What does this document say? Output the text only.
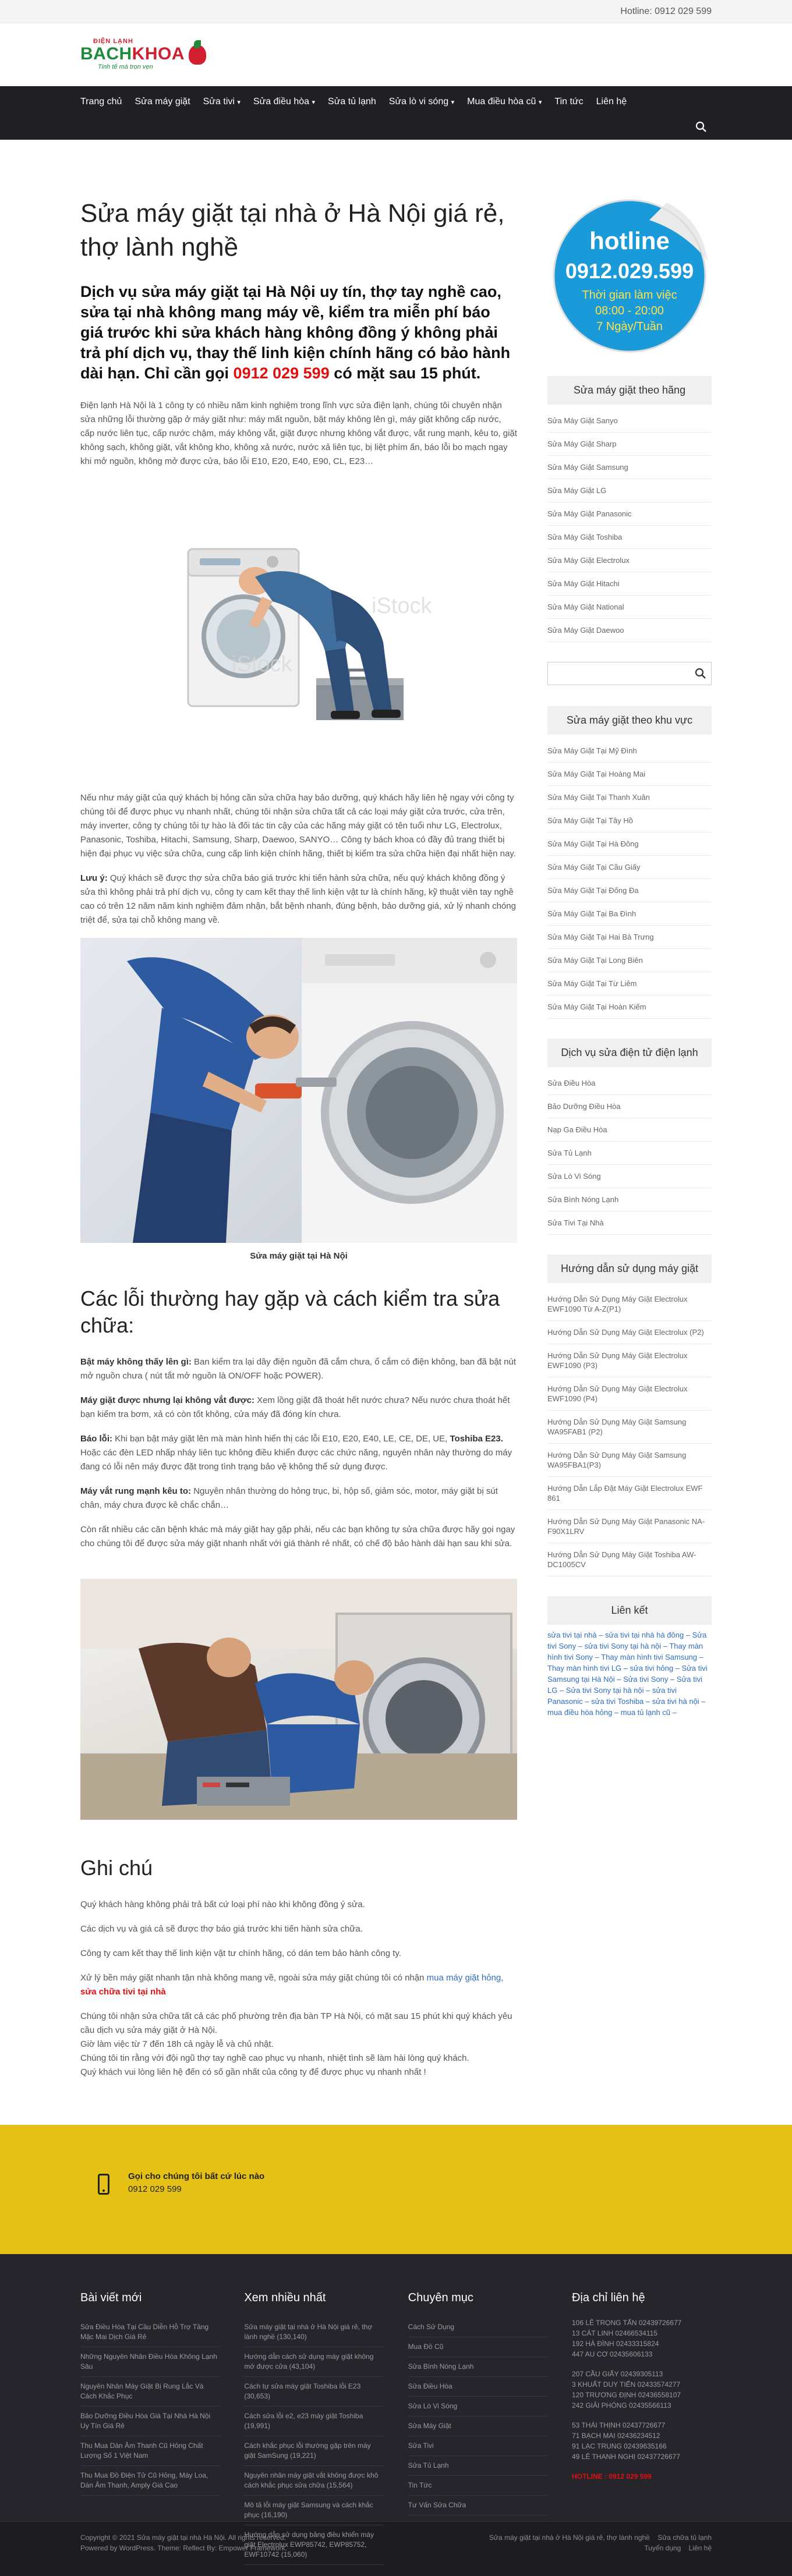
Hotline: 0912 029 599
ĐIỆN LẠNH
BACHKHOA
Tinh tế mà trọn vẹn
Trang chủ Sửa máy giặt Sửa tivi ▾ Sửa điều hòa ▾ Sửa tủ lạnh Sửa lò vi sóng ▾ Mua điều hòa cũ ▾ Tin tức Liên hệ
Sửa máy giặt tại nhà ở Hà Nội giá rẻ, thợ lành nghề
Dịch vụ sửa máy giặt tại Hà Nội uy tín, thợ tay nghề cao, sửa tại nhà không mang máy về, kiểm tra miễn phí báo giá trước khi sửa khách hàng không đồng ý không phải trả phí dịch vụ, thay thế linh kiện chính hãng có bảo hành dài hạn. Chỉ cần gọi 0912 029 599 có mặt sau 15 phút.

Điện lạnh Hà Nội là 1 công ty có nhiều năm kinh nghiệm trong lĩnh vực sửa điện lạnh, chúng tôi chuyên nhận sửa những lỗi thường gặp ở máy giặt như: máy mất nguồn, bật máy không lên gì, máy giặt không cấp nước, cấp nước liên tục, cấp nước chậm, máy không vắt, giặt được nhưng không vắt được, vắt rung mạnh, kêu to, giặt không sạch, không giặt, vắt không kho, không xả nước, nước xả liên tục, bị liệt phím ấn, báo lỗi bo mạch ngay khi mở nguồn, không mở được cửa, báo lỗi E10, E20, E40, E90, CL, E23…

iStock
iStock

Nếu như máy giặt của quý khách bị hỏng cần sửa chữa hay bảo dưỡng, quý khách hãy liên hệ ngay với công ty chúng tôi để được phục vụ nhanh nhất, chúng tôi nhận sửa chữa tất cả các loại máy giặt cửa trước, cửa trên, máy inverter, công ty chúng tôi tự hào là đối tác tin cậy của các hãng máy giặt có tên tuổi như LG, Electrolux, Panasonic, Toshiba, Hitachi, Samsung, Sharp, Daewoo, SANYO… Công ty bách khoa có đầy đủ trang thiết bị hiện đại phục vụ việc sửa chữa, cung cấp linh kiện chính hãng, thiết bị kiểm tra sửa chữa hiện đại nhất hiện nay.

Lưu ý: Quý khách sẽ được thợ sửa chữa báo giá trước khi tiến hành sửa chữa, nếu quý khách không đồng ý sửa thì không phải trả phí dịch vụ, công ty cam kết thay thế linh kiện vật tư là chính hãng, kỹ thuật viên tay nghề cao có trên 12 năm năm kinh nghiệm đảm nhận, bắt bệnh nhanh, đúng bệnh, bảo dưỡng giá, xử lý nhanh chóng triệt để, sửa tại chỗ không mang về.

Sửa máy giặt tại Hà Nội

Các lỗi thường hay gặp và cách kiểm tra sửa chữa:

Bật máy không thấy lên gì: Ban kiểm tra lại dây điện nguồn đã cắm chưa, ổ cắm có điện không, ban đã bật nút mở nguồn chưa ( nút tắt mở nguồn là ON/OFF hoặc POWER).

Máy giặt được nhưng lại không vắt được: Xem lồng giặt đã thoát hết nước chưa? Nếu nước chưa thoát hết bạn kiểm tra bơm, xả có còn tốt không, cửa máy đã đóng kín chưa.

Báo lỗi: Khi bạn bật máy giặt lên mà màn hình hiển thị các lỗi E10, E20, E40, LE, CE, DE, UE, Toshiba E23. Hoặc các đèn LED nhấp nháy liên tục không điều khiển được các chức năng, nguyên nhân này thường do máy đang có lỗi nên máy được đặt trong tình trạng bảo vệ không thể sử dụng được.

Máy vắt rung mạnh kêu to: Nguyên nhân thường do hỏng trục, bi, hộp số, giảm sóc, motor, máy giặt bị sút chân, máy chưa được kê chắc chắn…

Còn rất nhiều các căn bệnh khác mà máy giặt hay gặp phải, nếu các bạn không tự sửa chữa được hãy gọi ngay cho chúng tôi để được sửa máy giặt nhanh nhất với giá thành rẻ nhất, có chế độ bảo hành dài hạn sau khi sửa.

Ghi chú

Quý khách hàng không phải trả bất cứ loại phí nào khi không đồng ý sửa.

Các dịch vụ và giá cả sẽ được thợ báo giá trước khi tiến hành sửa chữa.

Công ty cam kết thay thế linh kiện vật tư chính hãng, có dán tem bảo hành công ty.

Xử lý bền máy giặt nhanh tận nhà không mang về, ngoài sửa máy giặt chúng tôi có nhận mua máy giặt hỏng, sửa chữa tivi tại nhà

Chúng tôi nhận sửa chữa tất cả các phố phường trên địa bàn TP Hà Nội, có mặt sau 15 phút khi quý khách yêu cầu dịch vụ sửa máy giặt ở Hà Nội.
Giờ làm việc từ 7 đến 18h cả ngày lễ và chủ nhật.
Chúng tôi tin rằng với đội ngũ thợ tay nghề cao phục vụ nhanh, nhiệt tình sẽ làm hài lòng quý khách.
Quý khách vui lòng liên hệ đến có số gần nhất của công ty để được phục vụ nhanh nhất !

hotline
0912.029.599
Thời gian làm việc
08:00 - 20:00
7 Ngày/Tuần
Sửa máy giặt theo hãng
Sửa Máy Giặt Sanyo
Sửa Máy Giặt Sharp
Sửa Máy Giặt Samsung
Sửa Máy Giặt LG
Sửa Máy Giặt Panasonic
Sửa Máy Giặt Toshiba
Sửa Máy Giặt Electrolux
Sửa Máy Giặt Hitachi
Sửa Máy Giặt National
Sửa Máy Giặt Daewoo
Sửa máy giặt theo khu vực
Sửa Máy Giặt Tại Mỹ Đình
Sửa Máy Giặt Tại Hoàng Mai
Sửa Máy Giặt Tại Thanh Xuân
Sửa Máy Giặt Tại Tây Hồ
Sửa Máy Giặt Tại Hà Đông
Sửa Máy Giặt Tại Cầu Giấy
Sửa Máy Giặt Tại Đống Đa
Sửa Máy Giặt Tại Ba Đình
Sửa Máy Giặt Tại Hai Bà Trưng
Sửa Máy Giặt Tại Long Biên
Sửa Máy Giặt Tại Từ Liêm
Sửa Máy Giặt Tại Hoàn Kiếm
Dịch vụ sửa điện tử điện lạnh
Sửa Điều Hòa
Bảo Dưỡng Điều Hòa
Nạp Ga Điều Hòa
Sửa Tủ Lạnh
Sửa Lò Vi Sóng
Sửa Bình Nóng Lạnh
Sửa Tivi Tại Nhà
Hướng dẫn sử dụng máy giặt
Hướng Dẫn Sử Dụng Máy Giặt Electrolux EWF1090 Từ A-Z(P1)
Hướng Dẫn Sử Dụng Máy Giặt Electrolux (P2)
Hướng Dẫn Sử Dụng Máy Giặt Electrolux EWF1090 (P3)
Hướng Dẫn Sử Dụng Máy Giặt Electrolux EWF1090 (P4)
Hướng Dẫn Sử Dụng Máy Giặt Samsung WA95FAB1 (P2)
Hướng Dẫn Sử Dụng Máy Giặt Samsung WA95FBA1(P3)
Hướng Dẫn Lắp Đặt Máy Giặt Electrolux EWF 861
Hướng Dẫn Sử Dụng Máy Giặt Panasonic NA-F90X1LRV
Hướng Dẫn Sử Dụng Máy Giặt Toshiba AW-DC1005CV
Liên kết

sửa tivi tại nhà – sửa tivi tại nhà hà đông – Sửa tivi Sony – sửa tivi Sony tại hà nội – Thay màn hình tivi Sony – Thay màn hình tivi Samsung – Thay màn hình tivi LG – sửa tivi hỏng – Sửa tivi Samsung tại Hà Nội – Sửa tivi Sony – Sửa tivi LG – Sửa tivi Sony tại hà nội – sửa tivi Panasonic – sửa tivi Toshiba – sửa tivi hà nội – mua điều hòa hỏng – mua tủ lạnh cũ –

Gọi cho chúng tôi bất cứ lúc nào
0912 029 599
Bài viết mới
Sửa Điều Hòa Tại Cầu Diễn Hỗ Trợ Tầng Mặc Mai Dịch Giá Rẻ
Những Nguyên Nhân Điều Hòa Không Lạnh Sâu
Nguyên Nhân Máy Giặt Bị Rung Lắc Và Cách Khắc Phục
Bảo Dưỡng Điều Hòa Giá Tại Nhà Hà Nội Uy Tín Giá Rẻ
Thu Mua Dàn Âm Thanh Cũ Hỏng Chất Lượng Số 1 Việt Nam
Thu Mua Đồ Điện Tử Cũ Hỏng, Máy Loa, Dàn Âm Thanh, Amply Giá Cao
Xem nhiều nhất
Sửa máy giặt tại nhà ở Hà Nội giá rẻ, thợ lành nghề (130,140)
Hướng dẫn cách sử dụng máy giặt không mở được cửa (43,104)
Cách tự sửa máy giặt Toshiba lỗi E23 (30,653)
Cách sửa lỗi e2, e23 máy giặt Toshiba (19,991)
Cách khắc phục lỗi thường gặp trên máy giặt SamSung (19,221)
Nguyên nhân máy giặt vắt không được khô cách khắc phục sửa chữa (15,564)
Mô tả lỗi máy giặt Samsung và cách khắc phục (16,190)
Hướng dẫn sử dụng bảng điều khiển máy giặt Electrolux EWP85742, EWP85752, EWF10742 (15,060)
Chuyên mục
Cách Sử Dụng
Mua Đồ Cũ
Sửa Bình Nóng Lạnh
Sửa Điều Hòa
Sửa Lò Vi Sóng
Sửa Máy Giặt
Sửa Tivi
Sửa Tủ Lạnh
Tin Tức
Tư Vấn Sửa Chữa
Địa chỉ liên hệ

106 LÊ TRỌNG TẤN 02439726677
13 CÁT LINH 02466534115
192 HÀ ĐÌNH 02433315824
447 AU CƠ 02435606133

207 CẦU GIẤY 02439305113
3 KHUẤT DUY TIẾN 02433574277
120 TRƯƠNG ĐỊNH 02436558107
242 GIẢI PHÓNG 02435566113

53 THÁI THỊNH 02437726677
71 BẠCH MAI 02436234512
91 LẠC TRUNG 02439635166
49 LÊ THANH NGHỊ 02437726677

HOTLINE : 0912 029 599

Copyright © 2021 Sửa máy giặt tại nhà Hà Nội. All rights reserved.
Powered by WordPress. Theme: Reflect By: Empower Framework.
Sửa máy giặt tại nhà ở Hà Nội giá rẻ, thợ lành nghề Sửa chữa tủ lạnh
Tuyển dụng Liên hệ
